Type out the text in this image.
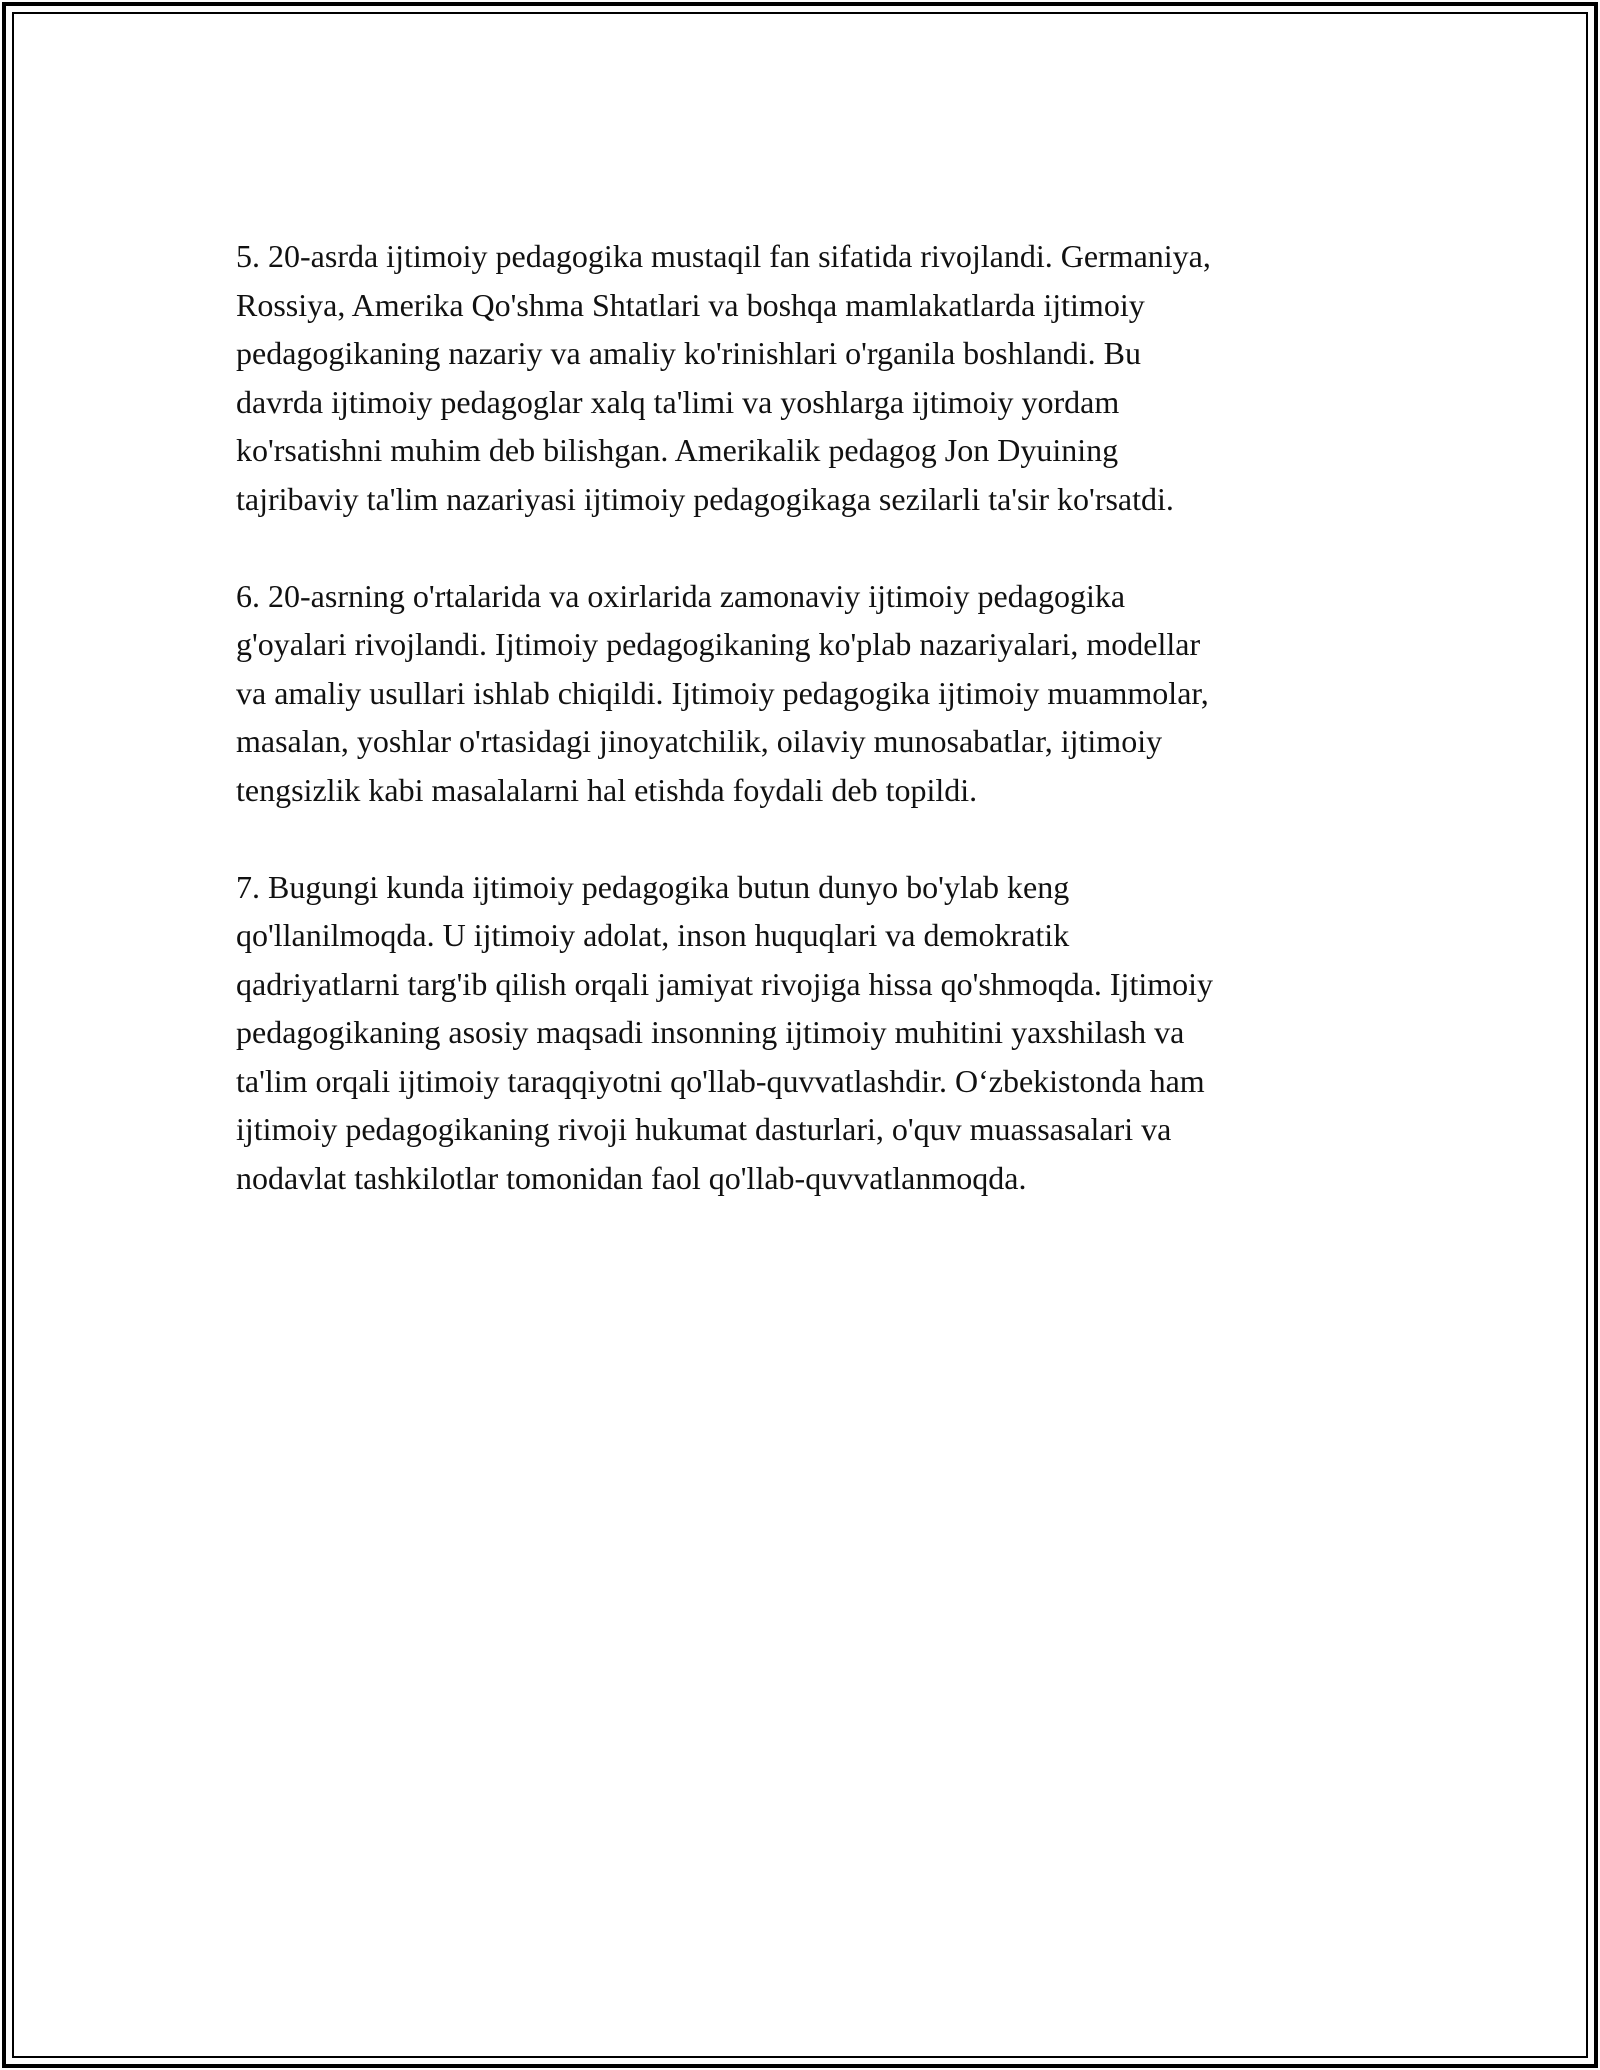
5. 20-asrda ijtimoiy pedagogika mustaqil fan sifatida rivojlandi. Germaniya,
Rossiya, Amerika Qo'shma Shtatlari va boshqa mamlakatlarda ijtimoiy
pedagogikaning nazariy va amaliy ko'rinishlari o'rganila boshlandi. Bu
davrda ijtimoiy pedagoglar xalq ta'limi va yoshlarga ijtimoiy yordam
ko'rsatishni muhim deb bilishgan. Amerikalik pedagog Jon Dyuining
tajribaviy ta'lim nazariyasi ijtimoiy pedagogikaga sezilarli ta'sir ko'rsatdi.

6. 20-asrning o'rtalarida va oxirlarida zamonaviy ijtimoiy pedagogika
g'oyalari rivojlandi. Ijtimoiy pedagogikaning ko'plab nazariyalari, modellar
va amaliy usullari ishlab chiqildi. Ijtimoiy pedagogika ijtimoiy muammolar,
masalan, yoshlar o'rtasidagi jinoyatchilik, oilaviy munosabatlar, ijtimoiy
tengsizlik kabi masalalarni hal etishda foydali deb topildi.

7. Bugungi kunda ijtimoiy pedagogika butun dunyo bo'ylab keng
qo'llanilmoqda. U ijtimoiy adolat, inson huquqlari va demokratik
qadriyatlarni targ'ib qilish orqali jamiyat rivojiga hissa qo'shmoqda. Ijtimoiy
pedagogikaning asosiy maqsadi insonning ijtimoiy muhitini yaxshilash va
ta'lim orqali ijtimoiy taraqqiyotni qo'llab-quvvatlashdir. O‘zbekistonda ham
ijtimoiy pedagogikaning rivoji hukumat dasturlari, o'quv muassasalari va
nodavlat tashkilotlar tomonidan faol qo'llab-quvvatlanmoqda.
